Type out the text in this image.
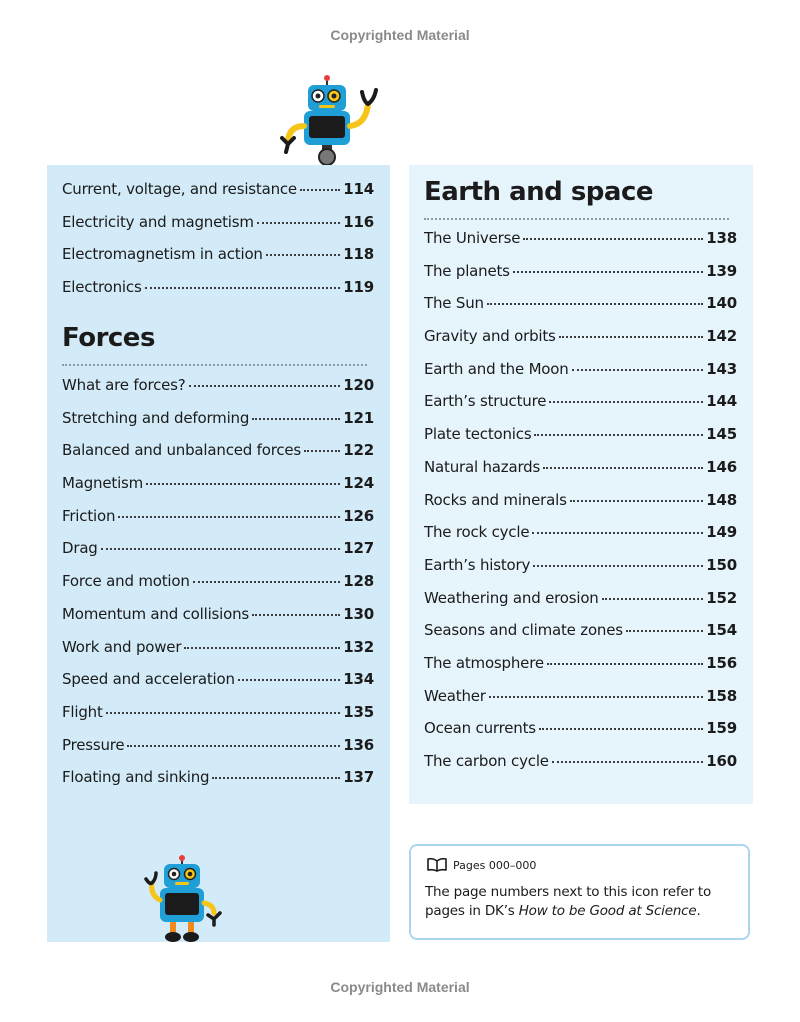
Copyrighted Material
Current, voltage, and resistance	114
Electricity and magnetism	116
Electromagnetism in action	118
Electronics	119
Forces
What are forces?	120
Stretching and deforming	121
Balanced and unbalanced forces	122
Magnetism	124
Friction	126
Drag	127
Force and motion	128
Momentum and collisions	130
Work and power	132
Speed and acceleration	134
Flight	135
Pressure	136
Floating and sinking	137
Earth and space
The Universe	138
The planets	139
The Sun	140
Gravity and orbits	142
Earth and the Moon	143
Earth’s structure	144
Plate tectonics	145
Natural hazards	146
Rocks and minerals	148
The rock cycle	149
Earth’s history	150
Weathering and erosion	152
Seasons and climate zones	154
The atmosphere	156
Weather	158
Ocean currents	159
The carbon cycle	160
Pages 000–000
The page numbers next to this icon refer to pages in DK’s How to be Good at Science.
Copyrighted Material
